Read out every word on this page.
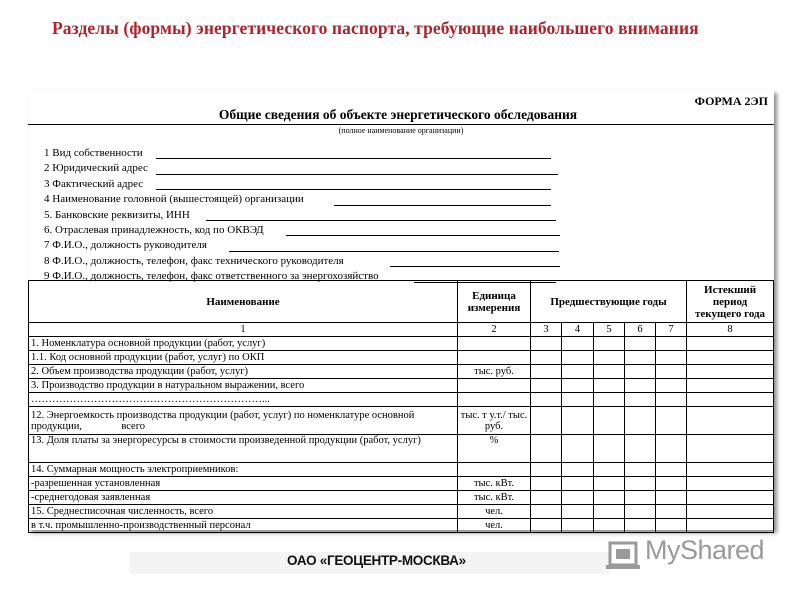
Разделы (формы) энергетического паспорта, требующие наибольшего внимания
ФОРМА 2ЭП
Общие сведения об объекте энергетического обследования
(полное наименование организации)
1 Вид собственности
2 Юридический адрес
3 Фактический адрес
4 Наименование головной (вышестоящей) организации
5. Банковские реквизиты, ИНН
6. Отраслевая принадлежность, код по ОКВЭД
7 Ф.И.О., должность руководителя
8 Ф.И.О., должность, телефон, факс технического руководителя
9 Ф.И.О., должность, телефон, факс ответственного за энергохозяйство
Наименование	Единица измерения	Предшествующие годы					Истекший период текущего года
1	2	3	4	5	6	7	8
1. Номенклатура основной продукции (работ, услуг)							
1.1. Код основной продукции (работ, услуг) по ОКП							
2. Объем производства продукции (работ, услуг)	тыс. руб.						
3. Производство продукции в натуральном выражении, всего							
…………………………………………………………...							
12. Энергоемкость производства продукции (работ, услуг) по номенклатуре основной продукции,               всего	тыс. т у.т./ тыс. руб.						
13. Доля платы за энергоресурсы в стоимости произведенной продукции (работ, услуг)	%						
14. Суммарная мощность электроприемников:							
-разрешенная установленная	тыс. кВт.						
-среднегодовая заявленная	тыс. кВт.						
15. Среднесписочная численность, всего	чел.						
в т.ч. промышленно-производственный персонал	чел.						
ОАО «ГЕОЦЕНТР-МОСКВА»	MyShared
